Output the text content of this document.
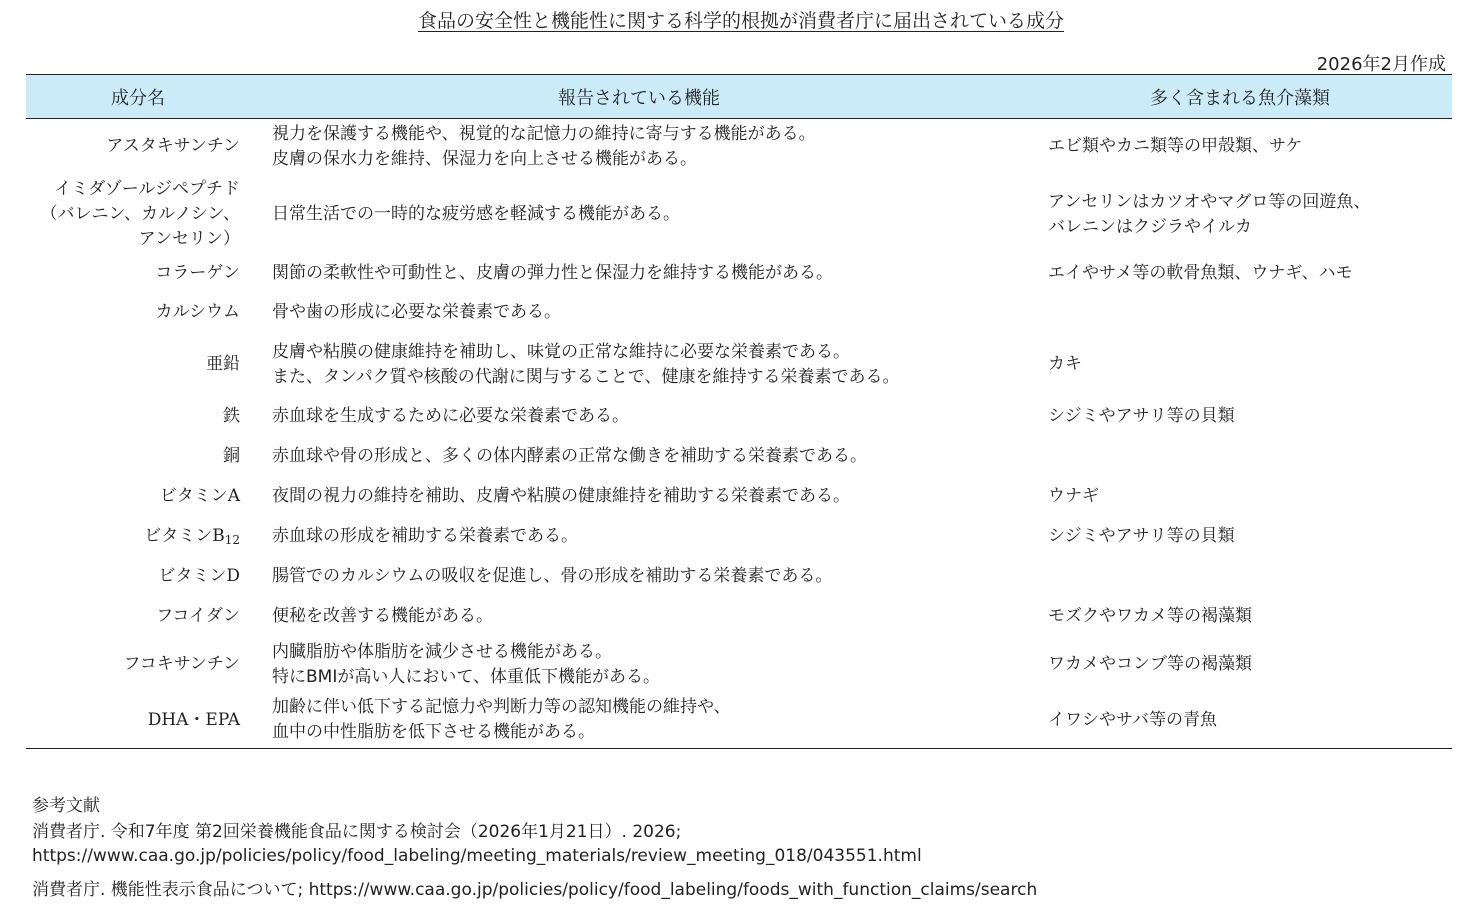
食品の安全性と機能性に関する科学的根拠が消費者庁に届出されている成分
2026年2月作成
成分名	報告されている機能	多く含まれる魚介藻類

アスタキサンチン	視力を保護する機能や、視覚的な記憶力の維持に寄与する機能がある。
皮膚の保水力を維持、保湿力を向上させる機能がある。	エビ類やカニ類等の甲殻類、サケ

イミダゾールジペプチド
（バレニン、カルノシン、
アンセリン）	日常生活での一時的な疲労感を軽減する機能がある。	アンセリンはカツオやマグロ等の回遊魚、
バレニンはクジラやイルカ

コラーゲン	関節の柔軟性や可動性と、皮膚の弾力性と保湿力を維持する機能がある。	エイやサメ等の軟骨魚類、ウナギ、ハモ

カルシウム	骨や歯の形成に必要な栄養素である。	

亜鉛	皮膚や粘膜の健康維持を補助し、味覚の正常な維持に必要な栄養素である。
また、タンパク質や核酸の代謝に関与することで、健康を維持する栄養素である。	カキ

鉄	赤血球を生成するために必要な栄養素である。	シジミやアサリ等の貝類

銅	赤血球や骨の形成と、多くの体内酵素の正常な働きを補助する栄養素である。	

ビタミンA	夜間の視力の維持を補助、皮膚や粘膜の健康維持を補助する栄養素である。	ウナギ

ビタミン$B_{12}$	赤血球の形成を補助する栄養素である。	シジミやアサリ等の貝類

ビタミンD	腸管でのカルシウムの吸収を促進し、骨の形成を補助する栄養素である。	

フコイダン	便秘を改善する機能がある。	モズクやワカメ等の褐藻類

フコキサンチン	内臓脂肪や体脂肪を減少させる機能がある。
特にBMIが高い人において、体重低下機能がある。	ワカメやコンブ等の褐藻類

DHA・EPA	加齢に伴い低下する記憶力や判断力等の認知機能の維持や、
血中の中性脂肪を低下させる機能がある。	イワシやサバ等の青魚
参考文献
消費者庁. 令和7年度 第2回栄養機能食品に関する検討会（2026年1月21日）. 2026;
https://www.caa.go.jp/policies/policy/food_labeling/meeting_materials/review_meeting_018/043551.html
消費者庁. 機能性表示食品について; https://www.caa.go.jp/policies/policy/food_labeling/foods_with_function_claims/search
